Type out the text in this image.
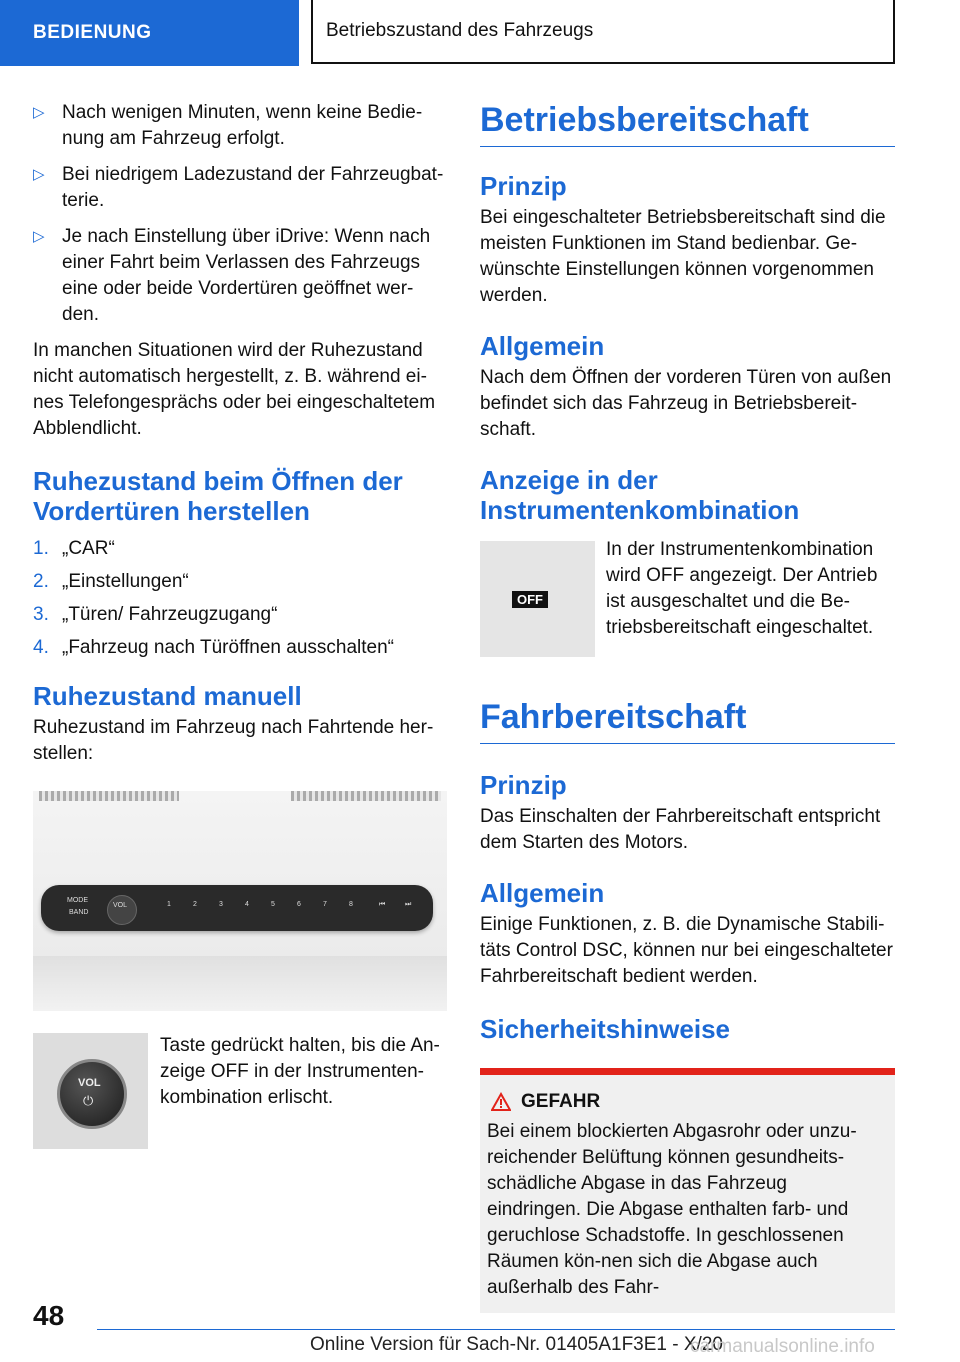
BEDIENUNG	Betriebszustand des Fahrzeugs
▷ Nach wenigen Minuten, wenn keine Bedie-nung am Fahrzeug erfolgt.
▷ Bei niedrigem Ladezustand der Fahrzeugbat-terie.
▷ Je nach Einstellung über iDrive: Wenn nach einer Fahrt beim Verlassen des Fahrzeugs eine oder beide Vordertüren geöffnet wer-den.

In manchen Situationen wird der Ruhezustand nicht automatisch hergestellt, z. B. während ei-nes Telefongesprächs oder bei eingeschaltetem Abblendlicht.

Ruhezustand beim Öffnen der Vordertüren herstellen
1. „CAR“
2. „Einstellungen“
3. „Türen/ Fahrzeugzugang“
4. „Fahrzeug nach Türöffnen ausschalten“
Ruhezustand manuell

Ruhezustand im Fahrzeug nach Fahrtende her-stellen:

MODE
BAND
VOL	1	2	3	4	5	6	7	8	⏮	⏭
VOL
⏻

Taste gedrückt halten, bis die An-zeige OFF in der Instrumenten-kombination erlischt.

Betriebsbereitschaft
Prinzip

Bei eingeschalteter Betriebsbereitschaft sind die meisten Funktionen im Stand bedienbar. Ge-wünschte Einstellungen können vorgenommen werden.

Allgemein

Nach dem Öffnen der vorderen Türen von außen befindet sich das Fahrzeug in Betriebsbereit-schaft.

Anzeige in der Instrumentenkombination
OFF

In der Instrumentenkombination wird OFF angezeigt. Der Antrieb ist ausgeschaltet und die Be-triebsbereitschaft eingeschaltet.

Fahrbereitschaft
Prinzip

Das Einschalten der Fahrbereitschaft entspricht dem Starten des Motors.

Allgemein

Einige Funktionen, z. B. die Dynamische Stabili-täts Control DSC, können nur bei eingeschalteter Fahrbereitschaft bedient werden.

Sicherheitshinweise
GEFAHR

Bei einem blockierten Abgasrohr oder unzu-reichender Belüftung können gesundheits-schädliche Abgase in das Fahrzeug eindringen. Die Abgase enthalten farb- und geruchlose Schadstoffe. In geschlossenen Räumen kön-nen sich die Abgase auch außerhalb des Fahr-

48
Online Version für Sach-Nr. 01405A1F3E1 - X/20
carmanualsonline.info
